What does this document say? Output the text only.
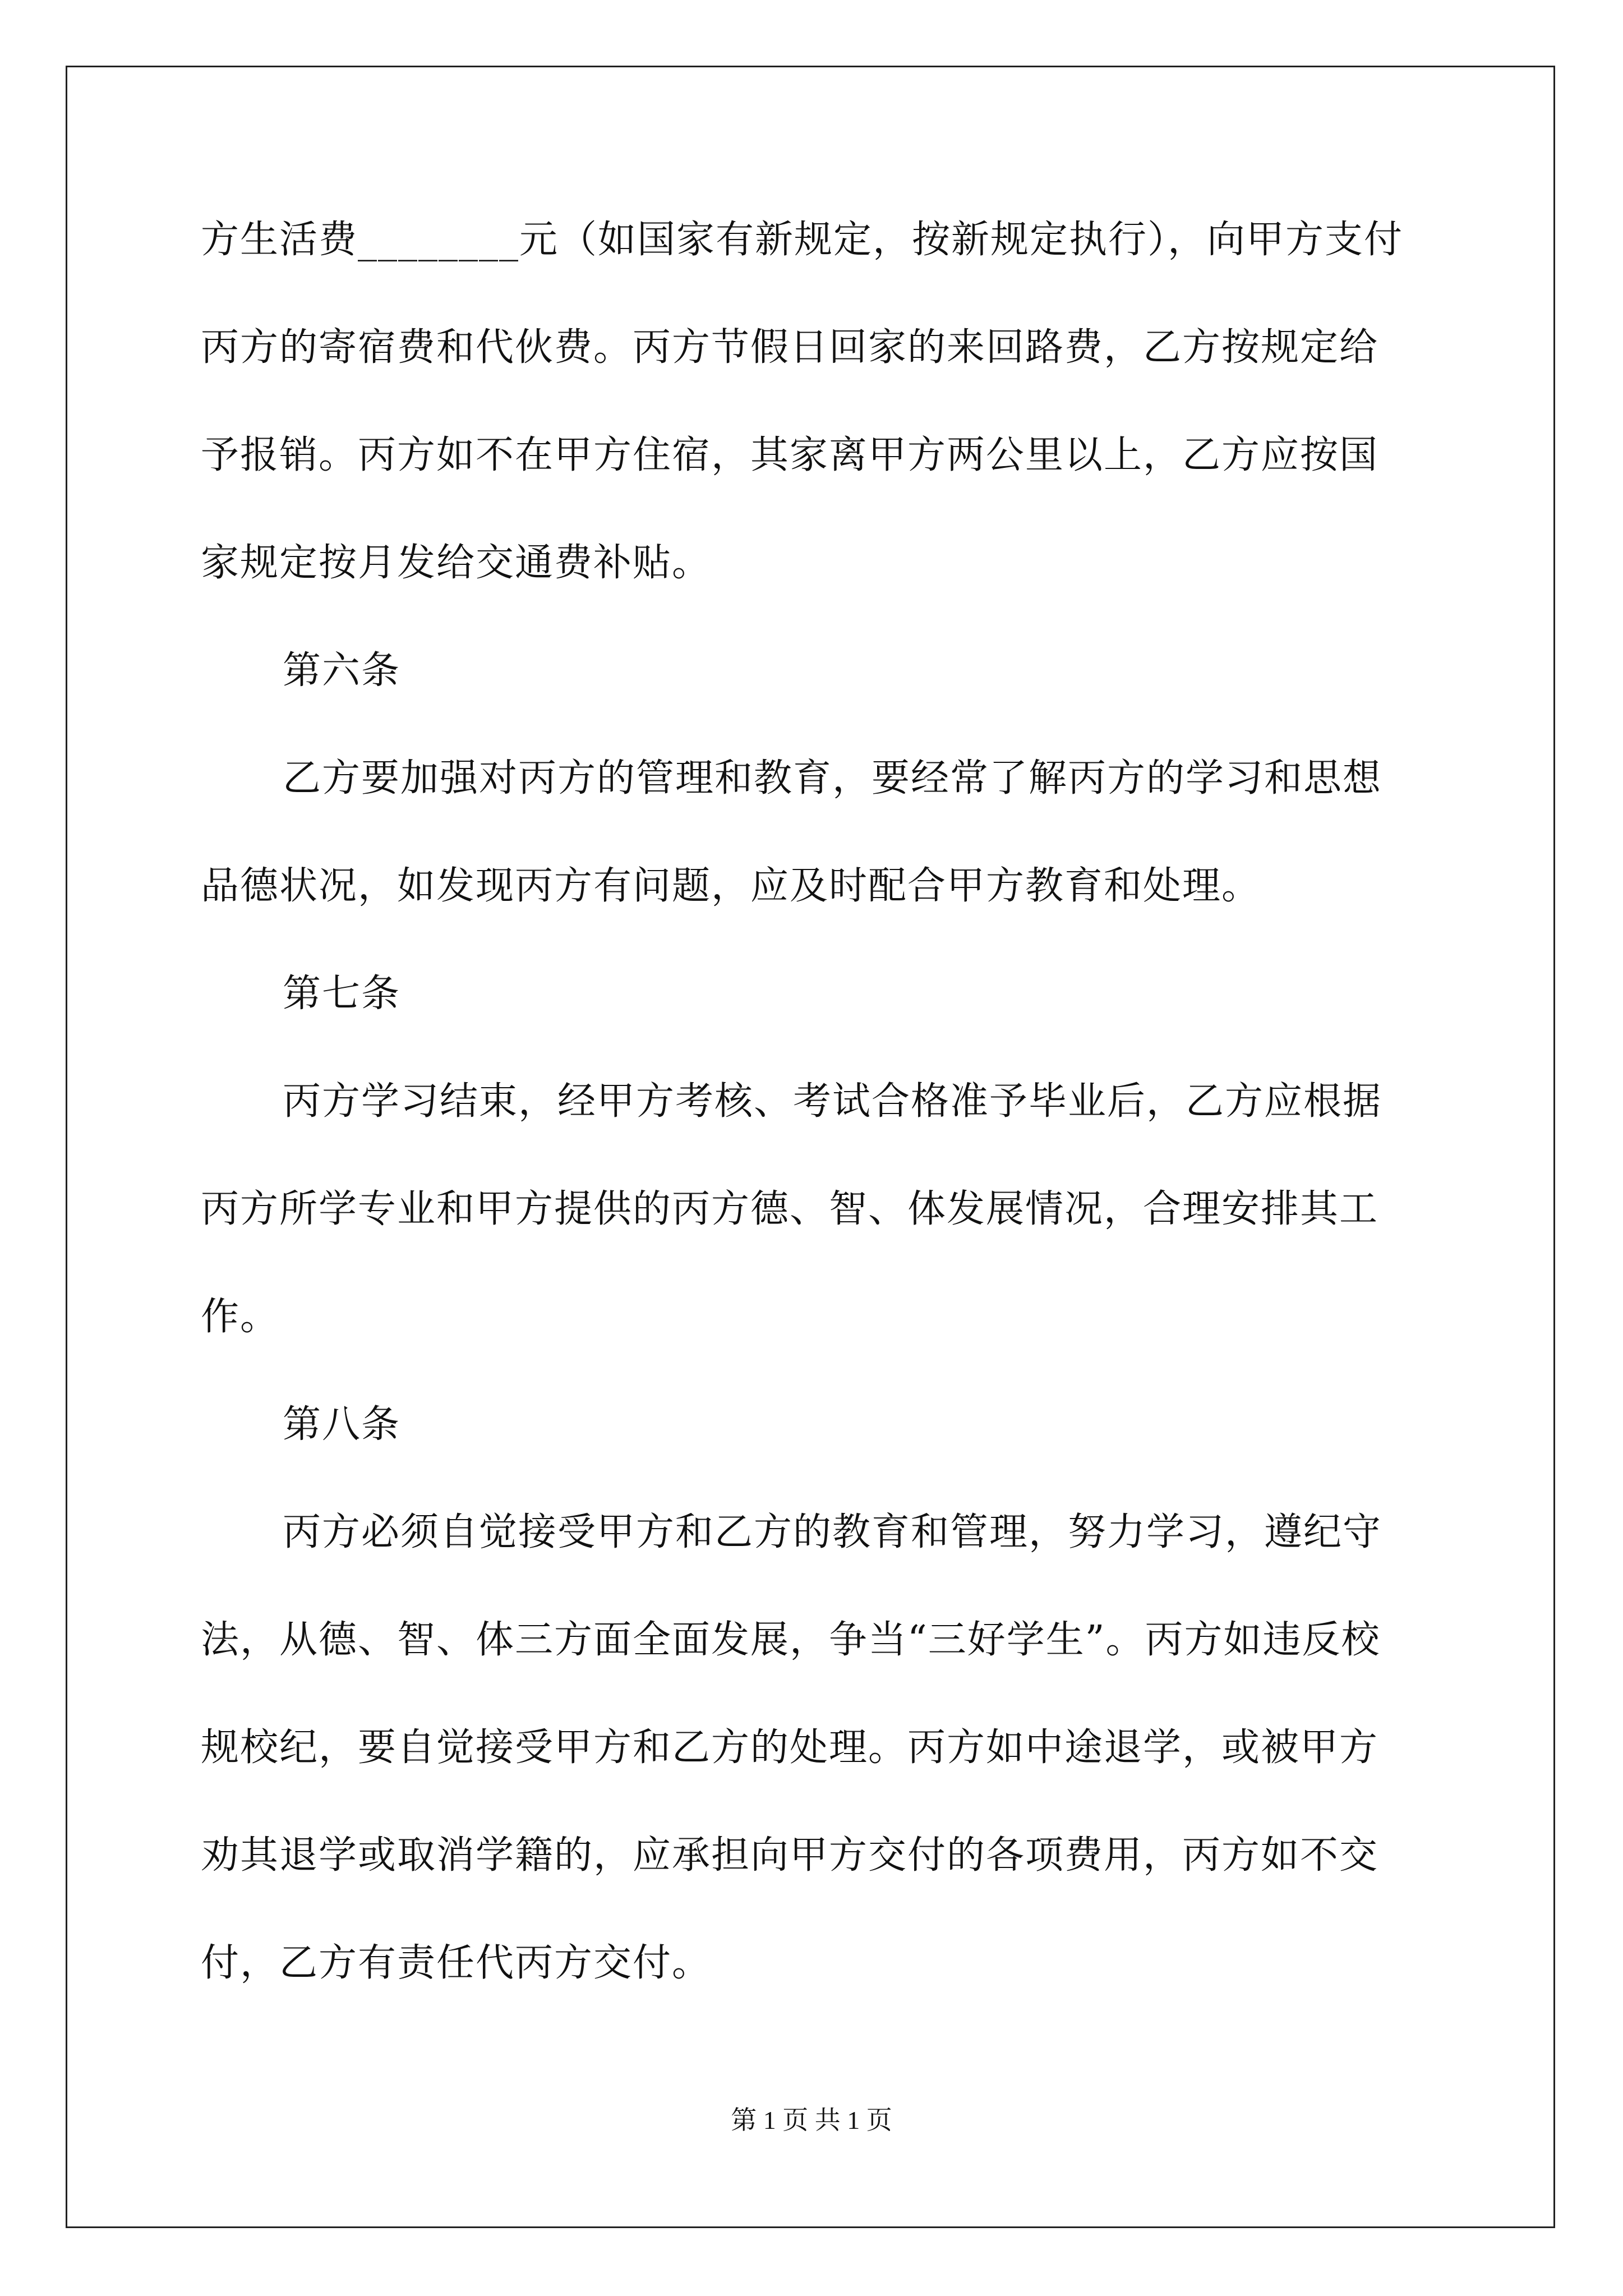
方生活费________元（如国家有新规定，按新规定执行），向甲方支付
丙方的寄宿费和代伙费。丙方节假日回家的来回路费，乙方按规定给
予报销。丙方如不在甲方住宿，其家离甲方两公里以上，乙方应按国
家规定按月发给交通费补贴。
第六条
乙方要加强对丙方的管理和教育，要经常了解丙方的学习和思想
品德状况，如发现丙方有问题，应及时配合甲方教育和处理。
第七条
丙方学习结束，经甲方考核、考试合格准予毕业后，乙方应根据
丙方所学专业和甲方提供的丙方德、智、体发展情况，合理安排其工
作。
第八条
丙方必须自觉接受甲方和乙方的教育和管理，努力学习，遵纪守
法，从德、智、体三方面全面发展，争当“三好学生”。丙方如违反校
规校纪，要自觉接受甲方和乙方的处理。丙方如中途退学，或被甲方
劝其退学或取消学籍的，应承担向甲方交付的各项费用，丙方如不交
付，乙方有责任代丙方交付。
第 1 页 共 1 页
